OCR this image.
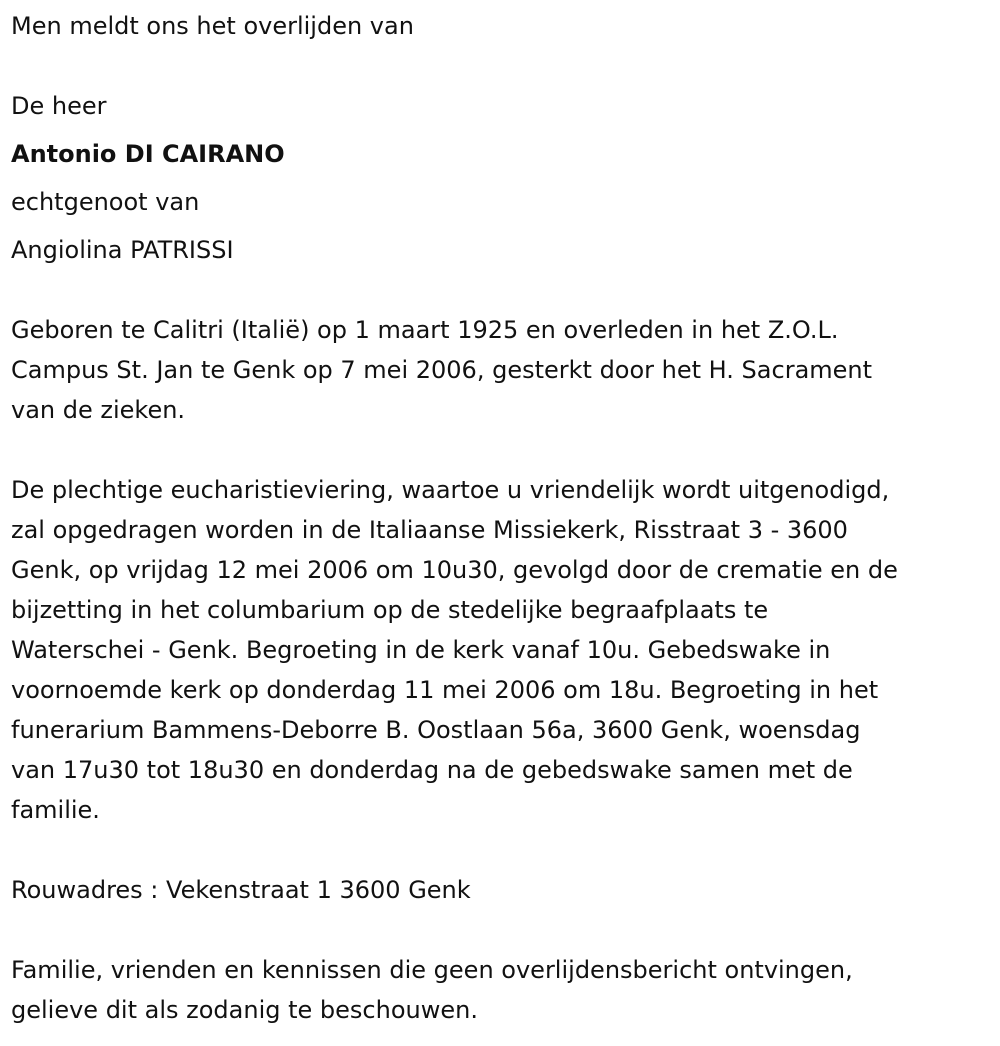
Men meldt ons het overlijden van

De heer

Antonio DI CAIRANO

echtgenoot van

Angiolina PATRISSI

Geboren te Calitri (Italië) op 1 maart 1925 en overleden in het Z.O.L.
Campus St. Jan te Genk op 7 mei 2006, gesterkt door het H. Sacrament
van de zieken.

De plechtige eucharistieviering, waartoe u vriendelijk wordt uitgenodigd,
zal opgedragen worden in de Italiaanse Missiekerk, Risstraat 3 - 3600
Genk, op vrijdag 12 mei 2006 om 10u30, gevolgd door de crematie en de
bijzetting in het columbarium op de stedelijke begraafplaats te
Waterschei - Genk. Begroeting in de kerk vanaf 10u. Gebedswake in
voornoemde kerk op donderdag 11 mei 2006 om 18u. Begroeting in het
funerarium Bammens-Deborre B. Oostlaan 56a, 3600 Genk, woensdag
van 17u30 tot 18u30 en donderdag na de gebedswake samen met de
familie.

Rouwadres : Vekenstraat 1 3600 Genk

Familie, vrienden en kennissen die geen overlijdensbericht ontvingen,
gelieve dit als zodanig te beschouwen.
